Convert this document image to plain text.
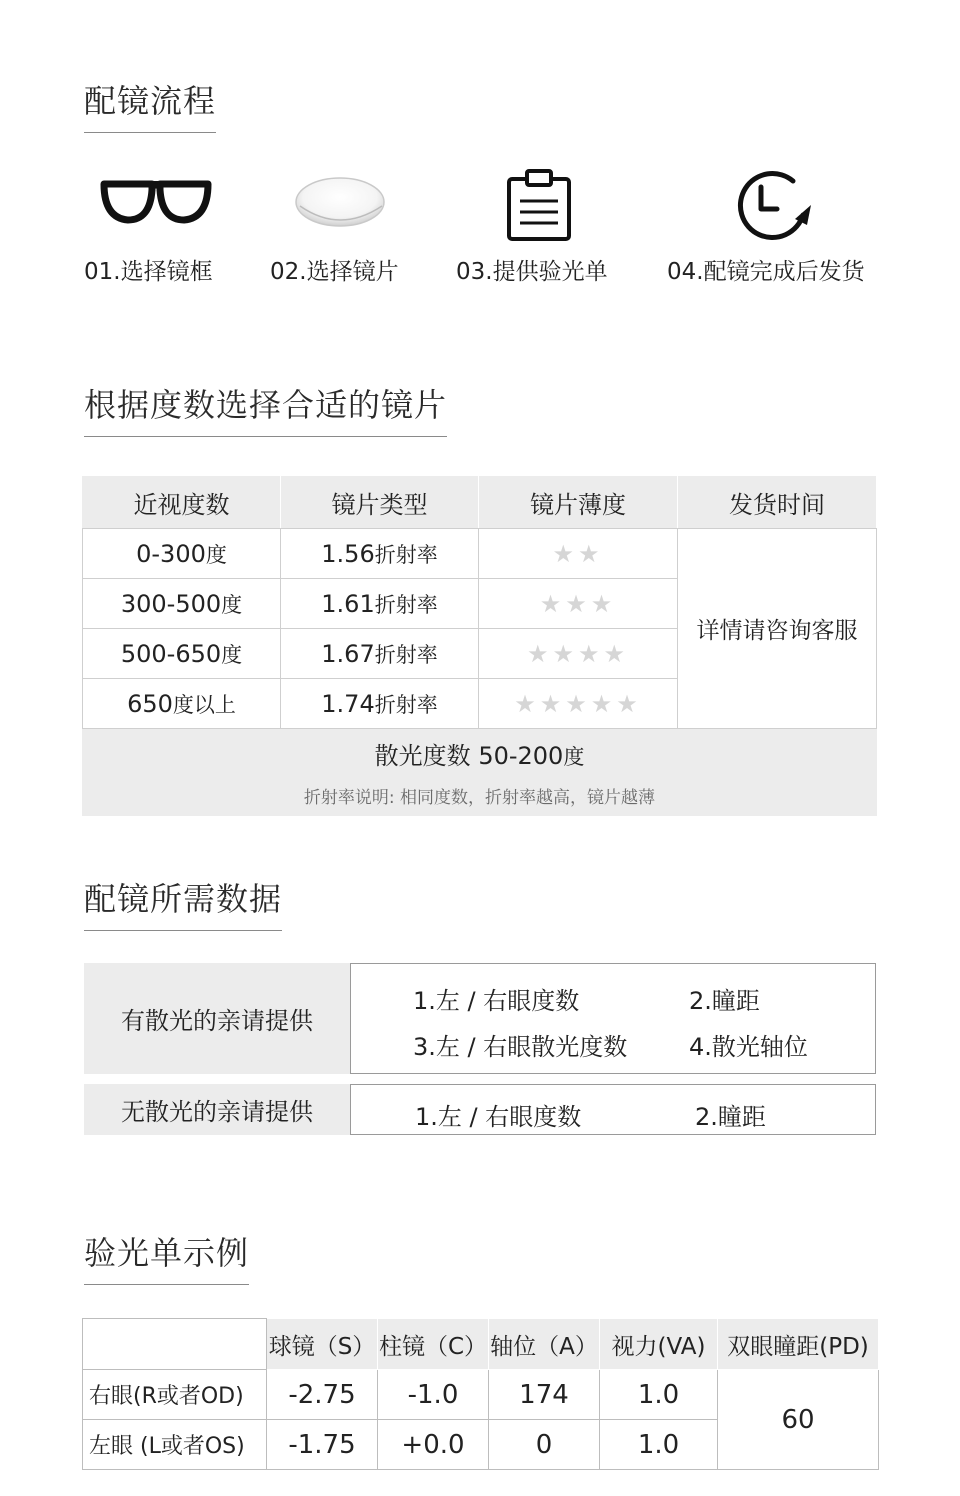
配镜流程
01.选择镜框 02.选择镜片 03.提供验光单	04.配镜完成后发货
根据度数选择合适的镜片
近视度数	镜片类型	镜片薄度	发货时间
0-300度	1.56折射率	★★	详情请咨询客服
300-500度	1.61折射率	★★★	
500-650度	1.67折射率	★★★★	
650度以上	1.74折射率	★★★★★	

散光度数 50-200度
折射率说明: 相同度数，折射率越高，镜片越薄			
配镜所需数据
有散光的亲请提供
1.左 / 右眼度数	2.瞳距
3.左 / 右眼散光度数	4.散光轴位
无散光的亲请提供	1.左 / 右眼度数	2.瞳距
验光单示例
	球镜（S）	柱镜（C）	轴位（A）	视力(VA)	双眼瞳距(PD)
右眼(R或者OD)	-2.75	-1.0	174	1.0	60
左眼 (L或者OS)	-1.75	+0.0	0	1.0	
